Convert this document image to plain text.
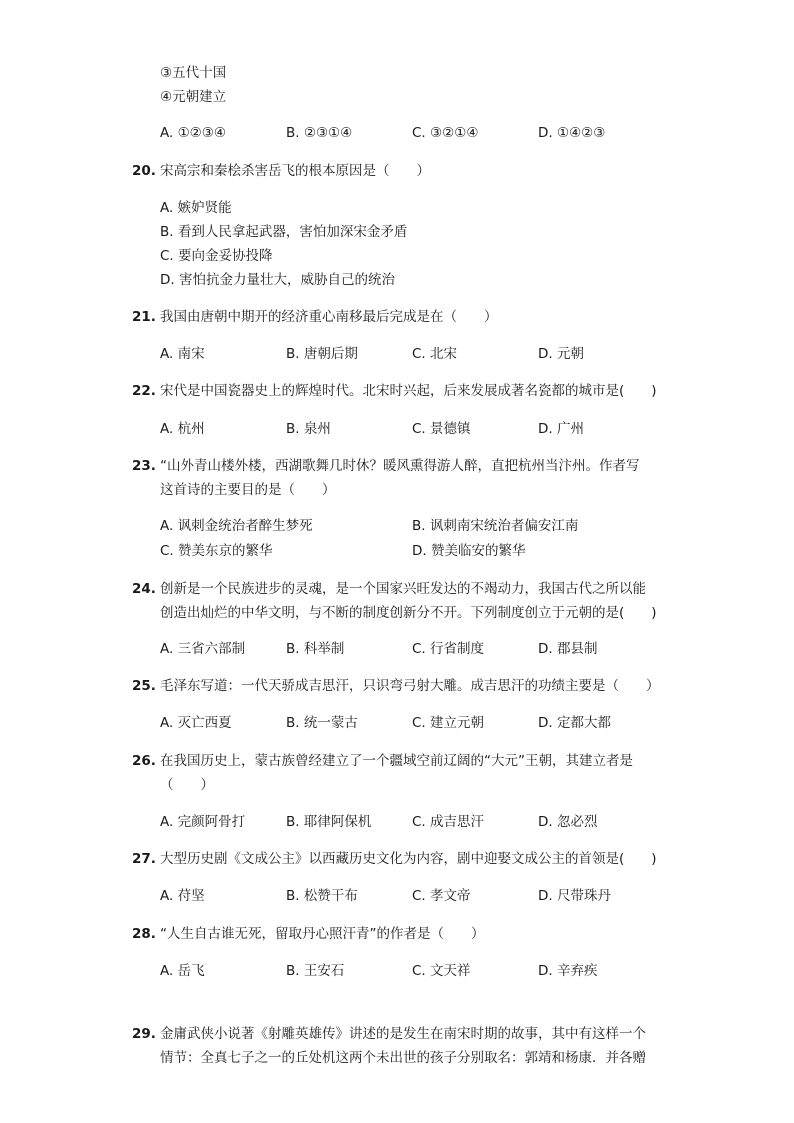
③五代十国
④元朝建立
A. ①②③④	B. ②③①④	C. ③②①④	D. ①④②③
20. 宋高宗和秦桧杀害岳飞的根本原因是（　　）
A. 嫉妒贤能
B. 看到人民拿起武器，害怕加深宋金矛盾
C. 要向金妥协投降
D. 害怕抗金力量壮大，威胁自己的统治
21. 我国由唐朝中期开的经济重心南移最后完成是在（　　）
A. 南宋	B. 唐朝后期	C. 北宋	D. 元朝
22. 宋代是中国瓷器史上的辉煌时代。北宋时兴起，后来发展成著名瓷都的城市是(　　)
A. 杭州	B. 泉州	C. 景德镇	D. 广州
23. “山外青山楼外楼，西湖歌舞几时休？暖风熏得游人醉，直把杭州当汴州。作者写
这首诗的主要目的是（　　）
A. 讽刺金统治者醉生梦死	B. 讽刺南宋统治者偏安江南
C. 赞美东京的繁华	D. 赞美临安的繁华
24. 创新是一个民族进步的灵魂，是一个国家兴旺发达的不竭动力，我国古代之所以能
创造出灿烂的中华文明，与不断的制度创新分不开。下列制度创立于元朝的是(　　)
A. 三省六部制	B. 科举制	C. 行省制度	D. 郡县制
25. 毛泽东写道：一代天骄成吉思汗，只识弯弓射大雕。成吉思汗的功绩主要是（　　）
A. 灭亡西夏	B. 统一蒙古	C. 建立元朝	D. 定都大都
26. 在我国历史上，蒙古族曾经建立了一个疆域空前辽阔的“大元”王朝，其建立者是
（　　）
A. 完颜阿骨打	B. 耶律阿保机	C. 成吉思汗	D. 忽必烈
27. 大型历史剧《文成公主》以西藏历史文化为内容，剧中迎娶文成公主的首领是(　　)
A. 苻坚	B. 松赞干布	C. 孝文帝	D. 尺带珠丹
28. “人生自古谁无死，留取丹心照汗青”的作者是（　　）
A. 岳飞	B. 王安石	C. 文天祥	D. 辛弃疾
29. 金庸武侠小说著《射雕英雄传》讲述的是发生在南宋时期的故事，其中有这样一个
情节：全真七子之一的丘处机这两个未出世的孩子分别取名：郭靖和杨康．并各赠
